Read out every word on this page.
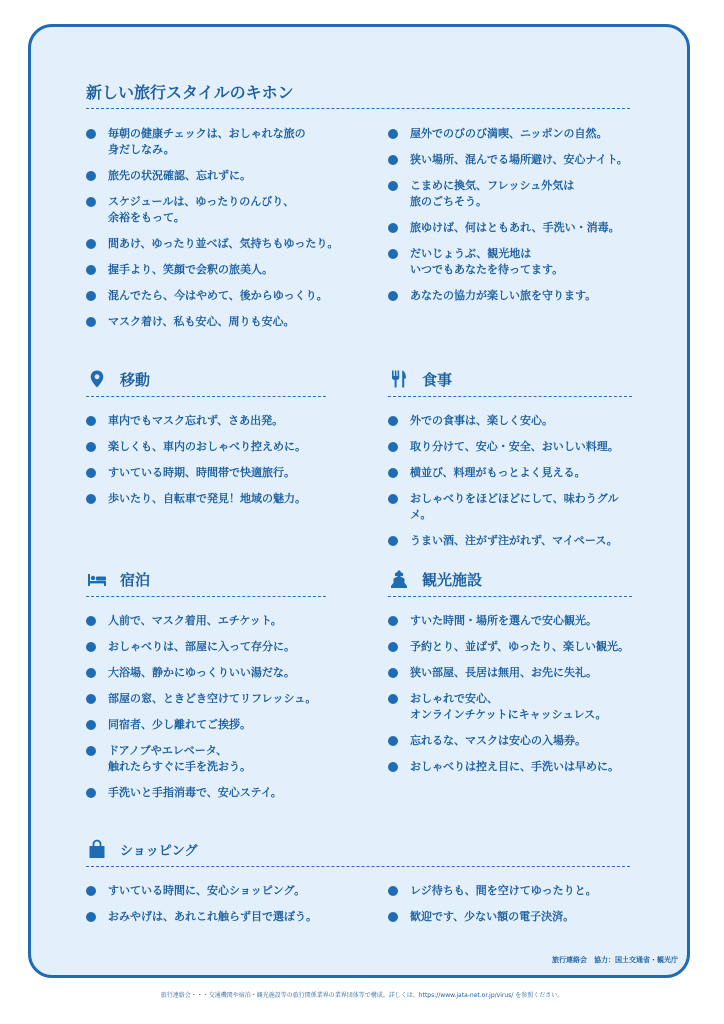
新しい旅行スタイルのキホン
毎朝の健康チェックは、おしゃれな旅の
身だしなみ。
旅先の状況確認、忘れずに。
スケジュールは、ゆったりのんびり、
余裕をもって。
間あけ、ゆったり並べば、気持ちもゆったり。
握手より、笑顔で会釈の旅美人。
混んでたら、今はやめて、後からゆっくり。
マスク着け、私も安心、周りも安心。
屋外でのびのび満喫、ニッポンの自然。
狭い場所、混んでる場所避け、安心ナイト。
こまめに換気、フレッシュ外気は
旅のごちそう。
旅ゆけば、何はともあれ、手洗い・消毒。
だいじょうぶ、観光地は
いつでもあなたを待ってます。
あなたの協力が楽しい旅を守ります。
移動
車内でもマスク忘れず、さあ出発。
楽しくも、車内のおしゃべり控えめに。
すいている時期、時間帯で快適旅行。
歩いたり、自転車で発見！地域の魅力。
食事
外での食事は、楽しく安心。
取り分けて、安心・安全、おいしい料理。
横並び、料理がもっとよく見える。
おしゃべりをほどほどにして、味わうグルメ。
うまい酒、注がず注がれず、マイペース。
宿泊
人前で、マスク着用、エチケット。
おしゃべりは、部屋に入って存分に。
大浴場、静かにゆっくりいい湯だな。
部屋の窓、ときどき空けてリフレッシュ。
同宿者、少し離れてご挨拶。
ドアノブやエレベータ、
触れたらすぐに手を洗おう。
手洗いと手指消毒で、安心ステイ。
観光施設
すいた時間・場所を選んで安心観光。
予約とり、並ばず、ゆったり、楽しい観光。
狭い部屋、長居は無用、お先に失礼。
おしゃれで安心、
オンラインチケットにキャッシュレス。
忘れるな、マスクは安心の入場券。
おしゃべりは控え目に、手洗いは早めに。
ショッピング
すいている時間に、安心ショッピング。
おみやげは、あれこれ触らず目で選ぼう。
レジ待ちも、間を空けてゆったりと。
歓迎です、少ない額の電子決済。
旅行連絡会　協力：国土交通省・観光庁
旅行連絡会・・・交通機関や宿泊・観光施設等の旅行関係業界の業界団体等で構成。詳しくは、https://www.jata-net.or.jp/virus/ を参照ください。
